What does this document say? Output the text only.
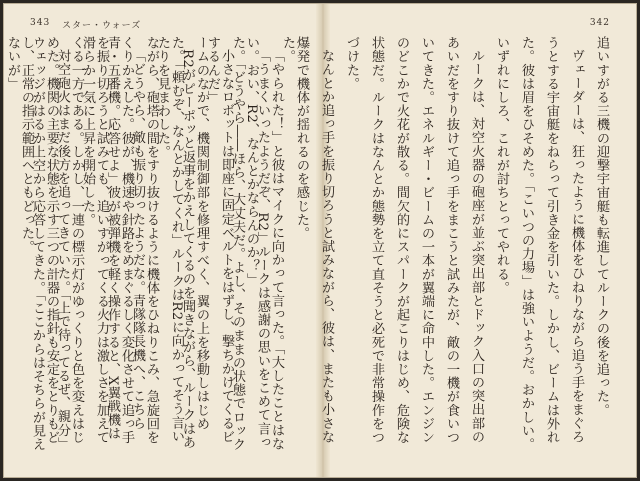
343 スター・ウォーズ

た。

「うまくいったようだぞ、R2」ルークは感謝の思いをこめて言った。「どうやら――ほら、大丈夫だ。よし、そのままの状態でロックするんだ」

R2がピーポッと返事をかえしてくるのを聞きながら、ルークはあたりを見まわした。

「どうやら、敵も振り切ったようだな。青隊隊長機へ、こちら青・五番機。応答せよ」彼が被弾機を軽く操作すると、X翼戦機は滑らか一気に上昇を開始した。

対空砲火はまだ後方を追ってきていた。「上で待ってるぜ、親分」ウェッジがはるか上空から応答してきた。「ここからはそちらが見えないが」

342

追いすがる三機の迎撃宇宙艇も転進してルークの後を追った。

ヴェーダーは、狂ったように機体をひねりながら追う手をまぐろうとする宇宙艇をねらって引き金を引いた。しかし、ビームは外れた。彼は眉をひそめた。「こいつの力場」は強いようだ。おかしい。いずれにしろ、これが討ちとってやれる。

ルークは、対空火器の砲座が並ぶ突出部とドック入口の突出部のあいだをすり抜けて追っ手をまこうと試みたが、敵の一機が食いついてきた。エネルギー・ビームの一本が翼端に命中した。エンジンのどこかで火花が散る。間欠的にスパークが起こりはじめ、危険な状態だ。ルークはなんとか態勢を立て直そうと必死で非常操作をつづけた。

なんとか追っ手を振り切ろうと試みながら、彼は、またも小さな爆発で機体が揺れるのを感じた。

「やられた！」と彼はマイクに向かって言った。「大したことはない。おい、R2、なんとかならんのか？」

小さなロボットは即座に固定ベルトをはずし、撃ちかけてくるビームのなかで、機関制御部を修理すべく、翼の上を移動しはじめた。「頼むぞ、なんとかしてくれ」ルークはR2に向かってそう言いながら、砲塔の間をすり抜けるように機体をひねりこみ、急旋回をくりかえした。彼が、機速や針路をめまぐるしく変化させて追っ手を振り切ろうと試みても、追いすがってくる火力は激しさを加えてくる一方である。しかし、一連の標示灯がゆっくりと色を変えはじめた。機関の主要な状態を示す三つの計器の指針も安定をとりもどし、正常の指示範囲へともどった。
